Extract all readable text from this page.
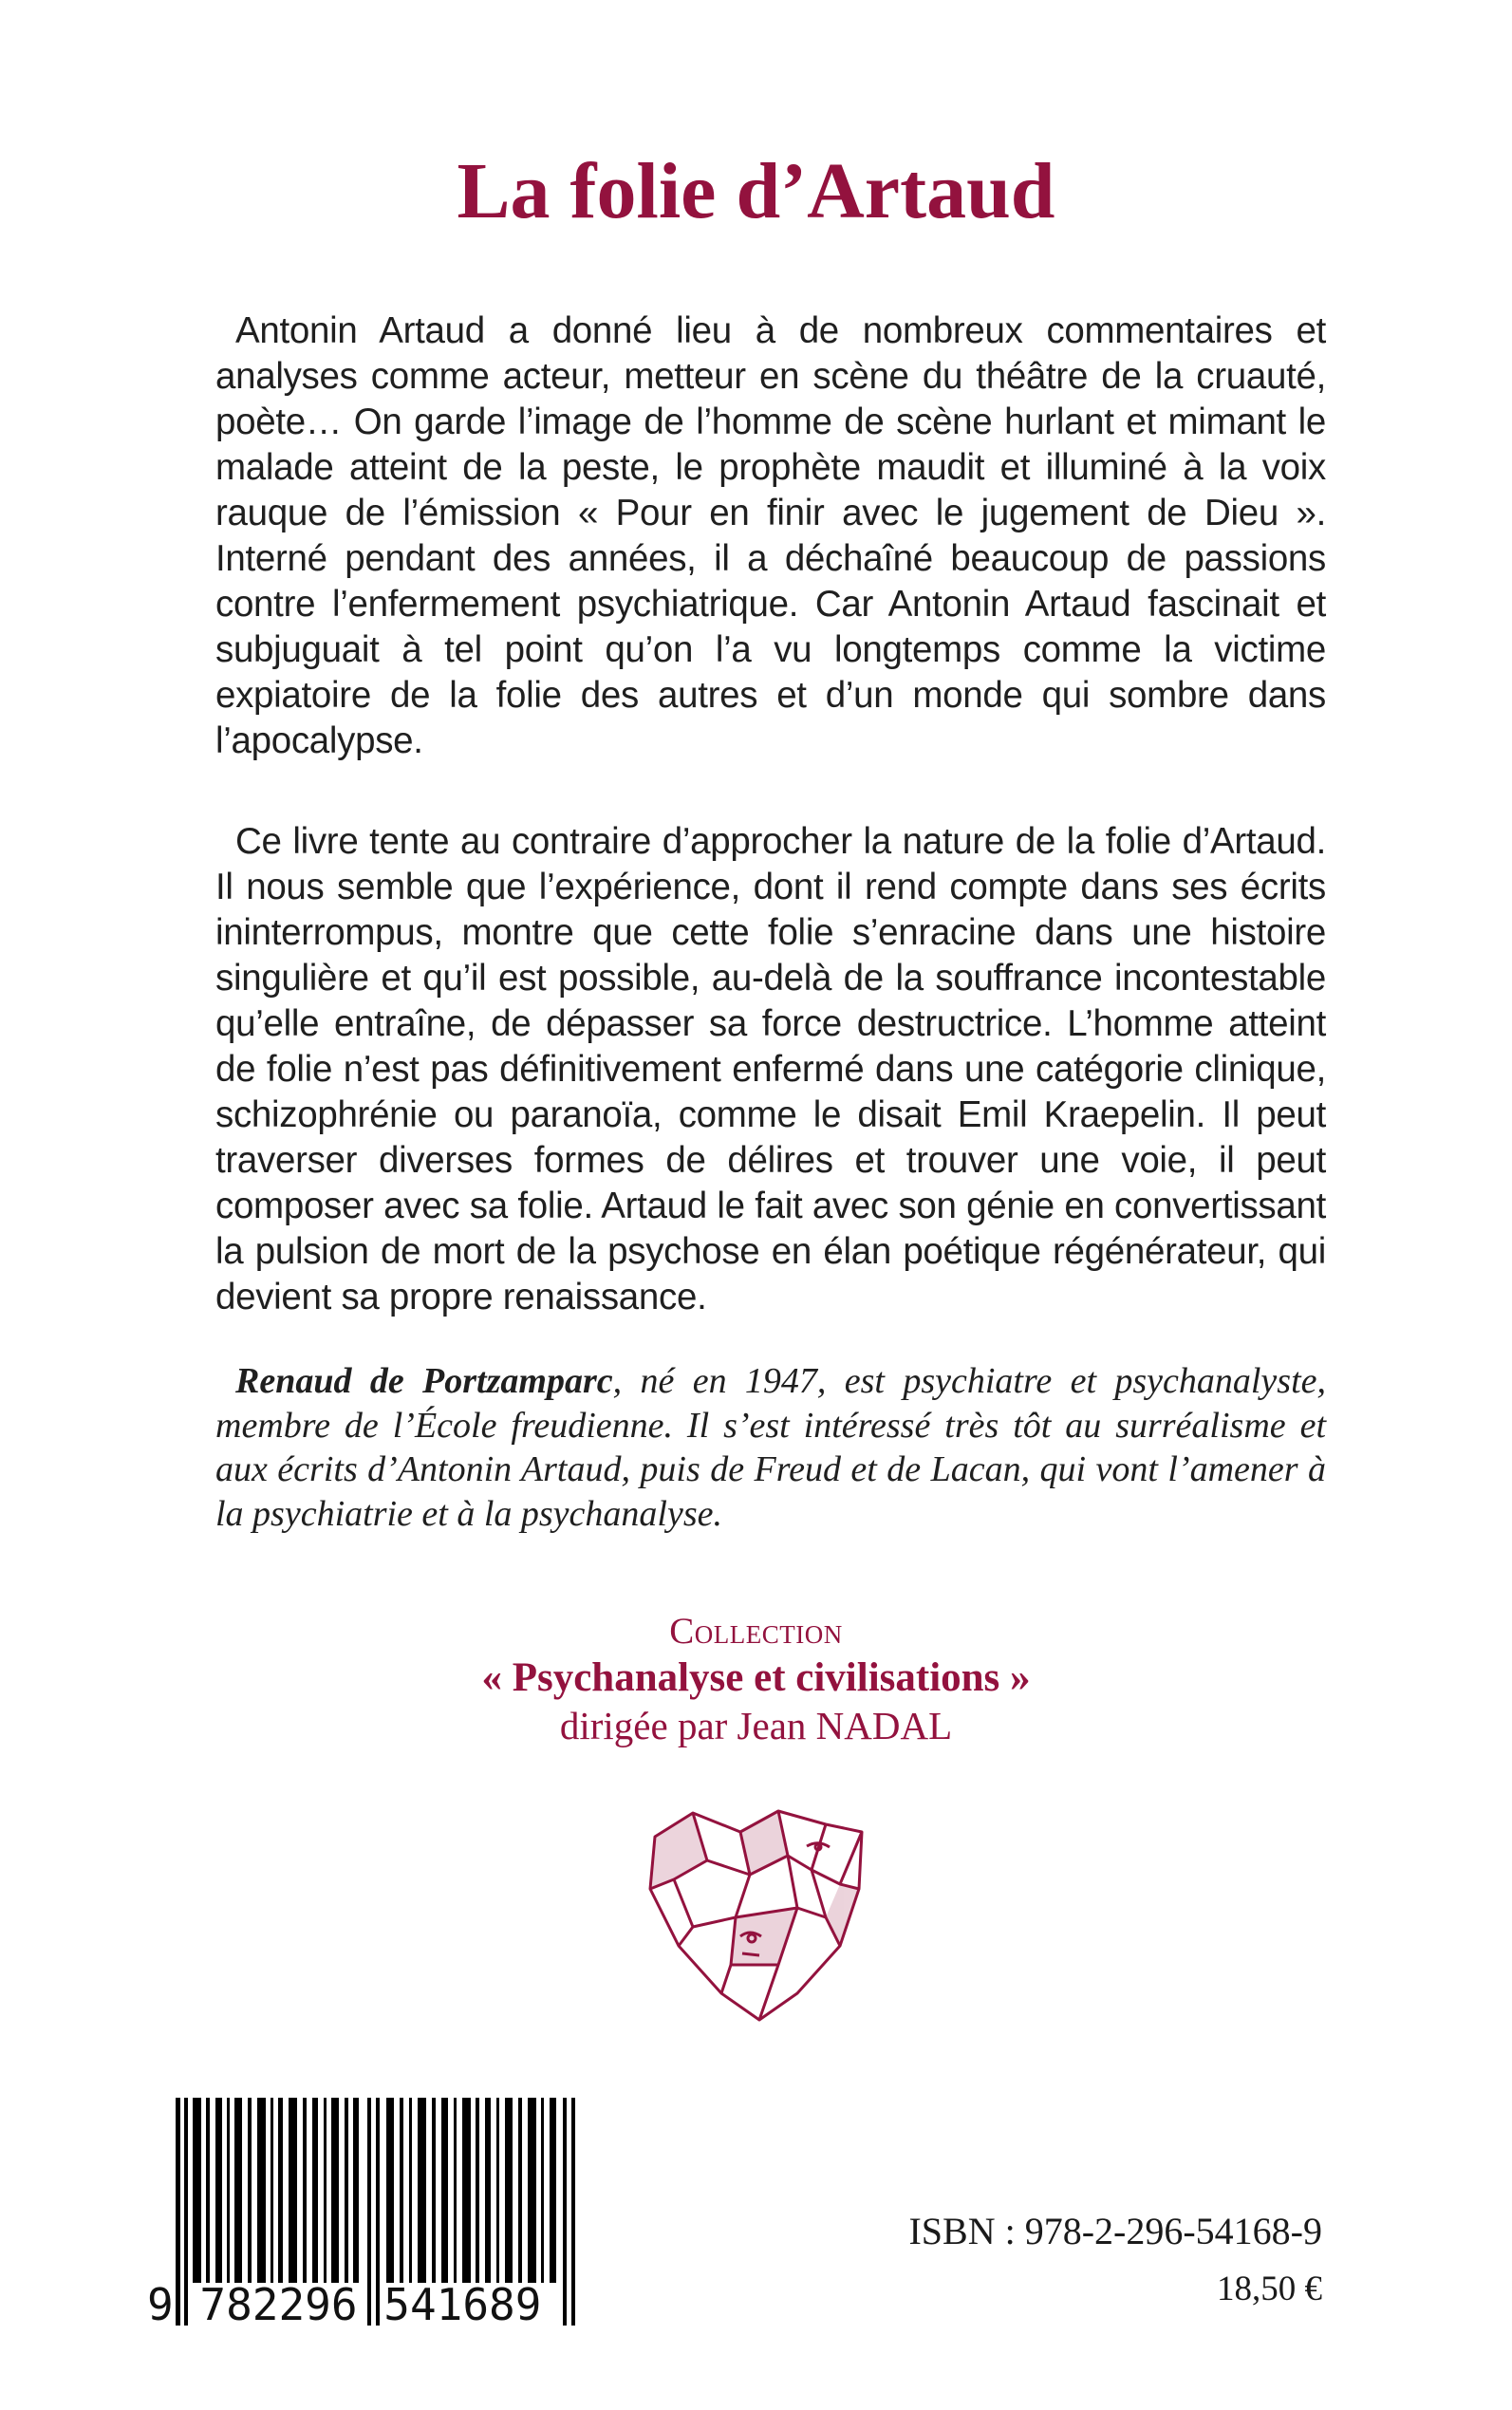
La folie d’Artaud

Antonin Artaud a donné lieu à de nombreux commentaires et analyses comme acteur, metteur en scène du théâtre de la cruauté, poète… On garde l’image de l’homme de scène hurlant et mimant le malade atteint de la peste, le prophète maudit et illuminé à la voix rauque de l’émission « Pour en finir avec le jugement de Dieu ». Interné pendant des années, il a déchaîné beaucoup de passions contre l’enfermement psychiatrique. Car Antonin Artaud fascinait et subjuguait à tel point qu’on l’a vu longtemps comme la victime expiatoire de la folie des autres et d’un monde qui sombre dans l’apocalypse.

Ce livre tente au contraire d’approcher la nature de la folie d’Artaud. Il nous semble que l’expérience, dont il rend compte dans ses écrits ininterrompus, montre que cette folie s’enracine dans une histoire singulière et qu’il est possible, au-delà de la souffrance incontestable qu’elle entraîne, de dépasser sa force destructrice. L’homme atteint de folie n’est pas définitivement enfermé dans une catégorie clinique, schizophrénie ou paranoïa, comme le disait Emil Kraepelin. Il peut traverser diverses formes de délires et trouver une voie, il peut composer avec sa folie. Artaud le fait avec son génie en convertissant la pulsion de mort de la psychose en élan poétique régénérateur, qui devient sa propre renaissance.

Renaud de Portzamparc, né en 1947, est psychiatre et psychanalyste, membre de l’École freudienne. Il s’est intéressé très tôt au surréalisme et aux écrits d’Antonin Artaud, puis de Freud et de Lacan, qui vont l’amener à la psychiatrie et à la psychanalyse.

Collection
« Psychanalyse et civilisations »
dirigée par Jean NADAL
9 782296 541689
ISBN : 978-2-296-54168-9
18,50 €
